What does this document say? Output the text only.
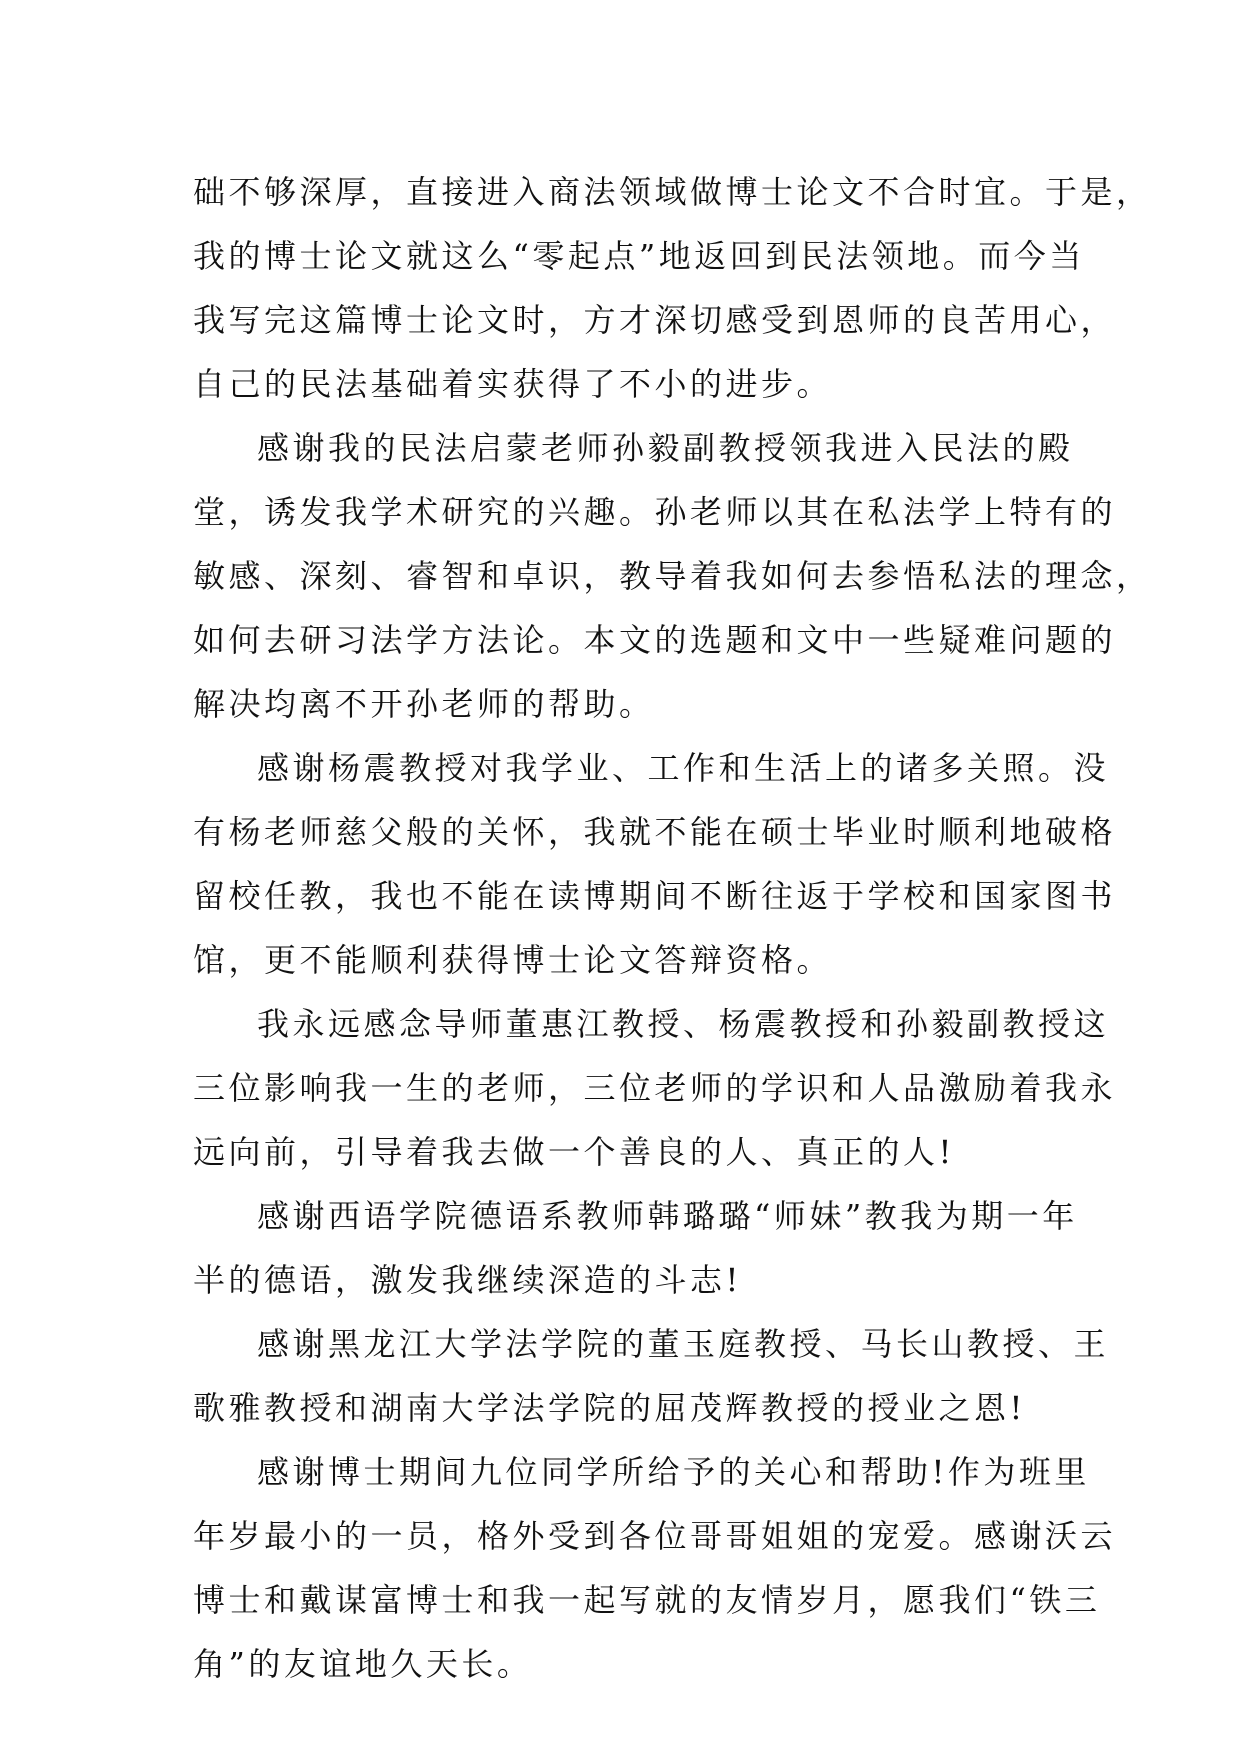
础不够深厚，直接进入商法领域做博士论文不合时宜。于是，
我的博士论文就这么“零起点”地返回到民法领地。而今当
我写完这篇博士论文时，方才深切感受到恩师的良苦用心，
自己的民法基础着实获得了不小的进步。
感谢我的民法启蒙老师孙毅副教授领我进入民法的殿
堂，诱发我学术研究的兴趣。孙老师以其在私法学上特有的
敏感、深刻、睿智和卓识，教导着我如何去参悟私法的理念，
如何去研习法学方法论。本文的选题和文中一些疑难问题的
解决均离不开孙老师的帮助。
感谢杨震教授对我学业、工作和生活上的诸多关照。没
有杨老师慈父般的关怀，我就不能在硕士毕业时顺利地破格
留校任教，我也不能在读博期间不断往返于学校和国家图书
馆，更不能顺利获得博士论文答辩资格。
我永远感念导师董惠江教授、杨震教授和孙毅副教授这
三位影响我一生的老师，三位老师的学识和人品激励着我永
远向前，引导着我去做一个善良的人、真正的人!
感谢西语学院德语系教师韩璐璐“师妹”教我为期一年
半的德语，激发我继续深造的斗志!
感谢黑龙江大学法学院的董玉庭教授、马长山教授、王
歌雅教授和湖南大学法学院的屈茂辉教授的授业之恩!
感谢博士期间九位同学所给予的关心和帮助!作为班里
年岁最小的一员，格外受到各位哥哥姐姐的宠爱。感谢沃云
博士和戴谋富博士和我一起写就的友情岁月，愿我们“铁三
角”的友谊地久天长。
